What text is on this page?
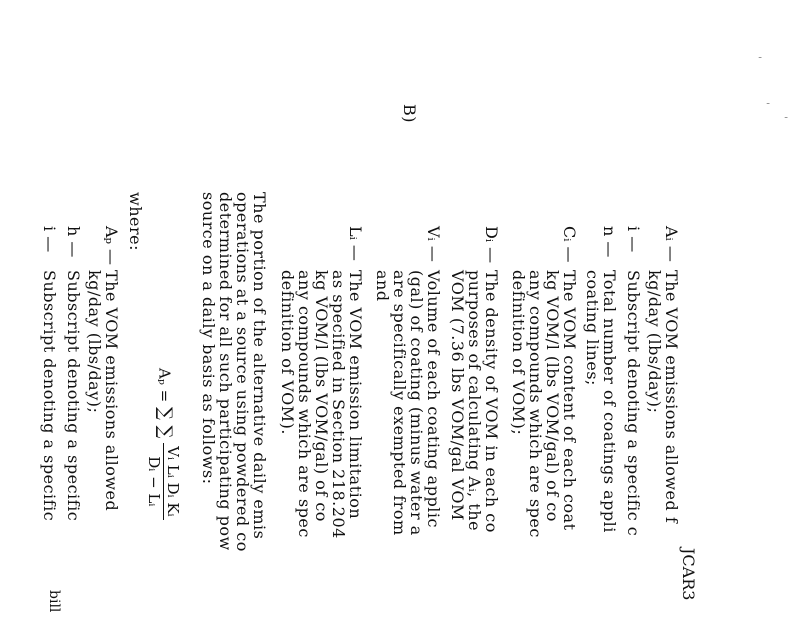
JCAR3
'
'
'
B)
Aᵢ —
The VOM emissions allowed f
kg/day (lbs/day);
i —
Subscript denoting a specific c
n —
Total number of coatings appli
coating lines;
Cᵢ —
The VOM content of each coat
kg VOM/l (lbs VOM/gal) of co
any compounds which are spec
definition of VOM);
Dᵢ —
The density of VOM in each co
purposes of calculating Aᵢ, the
VOM (7.36 lbs VOM/gal VOM
Vᵢ —
Volume of each coating applic
(gal) of coating (minus water a
are specifically exempted from
and
Lᵢ —
The VOM emission limitation
as specified in Section 218.204
kg VOM/l (lbs VOM/gal) of co
any compounds which are spec
definition of VOM).
The portion of the alternative daily emis
operations at a source using powdered co
determined for all such participating pow
source on a daily basis as follows:
Aₚ = ∑ ∑
Vᵢ Lᵢ Dᵢ Kᵢ
Dᵢ − Lᵢ
where:
Aₚ —
The VOM emissions allowed
kg/day (lbs/day);
h —
Subscript denoting a specific
i —
Subscript denoting a specific
bill
